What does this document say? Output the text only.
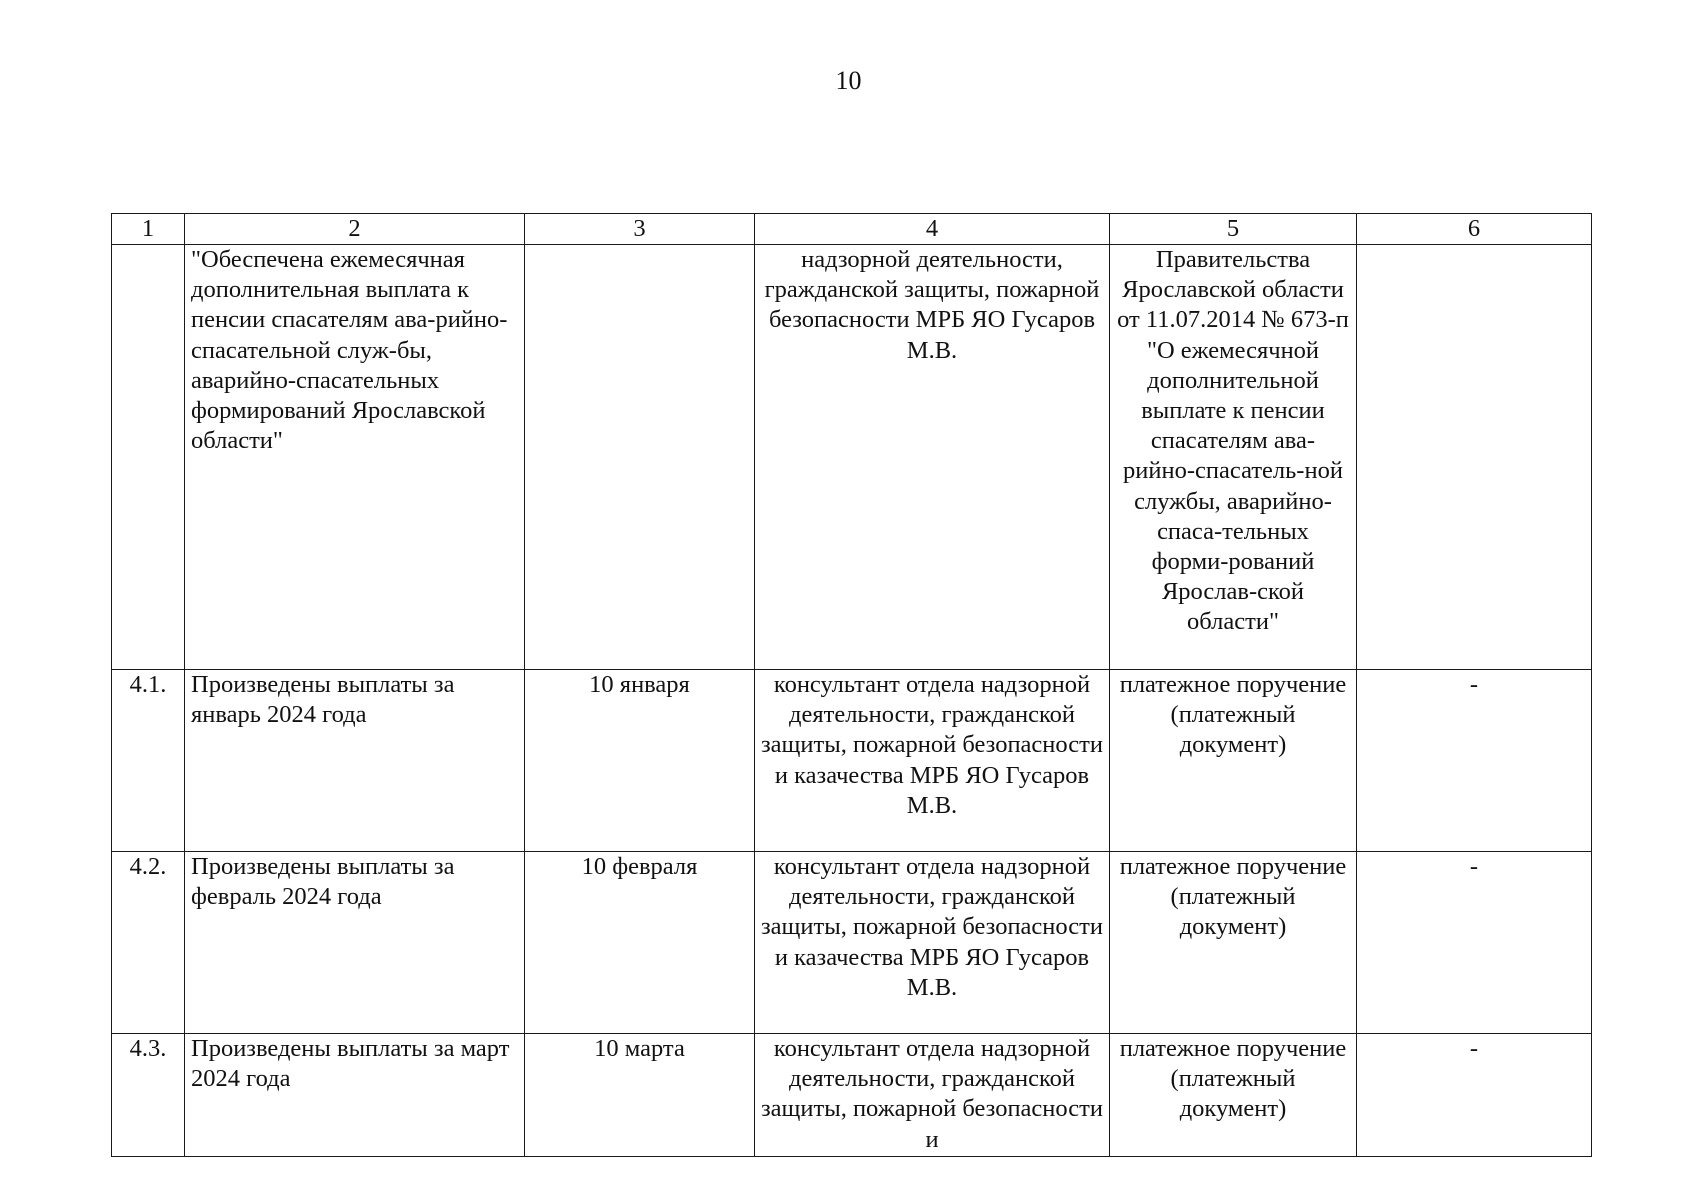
10
1	2	3	4	5	6
	"Обеспечена ежемесячная дополнительная выплата к пенсии спасателям ава-рийно-спасательной служ-бы, аварийно-спасательных формирований Ярославской области"		надзорной деятельности, гражданской защиты, пожарной безопасности МРБ ЯО Гусаров М.В.	Правительства Ярославской области от 11.07.2014 № 673-п "О ежемесячной дополнительной выплате к пенсии спасателям ава-рийно-спасатель-ной службы, аварийно-спаса-тельных форми-рований Ярослав-ской области"	
4.1.	Произведены выплаты за январь 2024 года	10 января	консультант отдела надзорной деятельности, гражданской защиты, пожарной безопасности и казачества МРБ ЯО Гусаров М.В.	платежное поручение (платежный документ)	-
4.2.	Произведены выплаты за февраль 2024 года	10 февраля	консультант отдела надзорной деятельности, гражданской защиты, пожарной безопасности и казачества МРБ ЯО Гусаров М.В.	платежное поручение (платежный документ)	-
4.3.	Произведены выплаты за март 2024 года	10 марта	консультант отдела надзорной деятельности, гражданской защиты, пожарной безопасности и	платежное поручение (платежный документ)	-
